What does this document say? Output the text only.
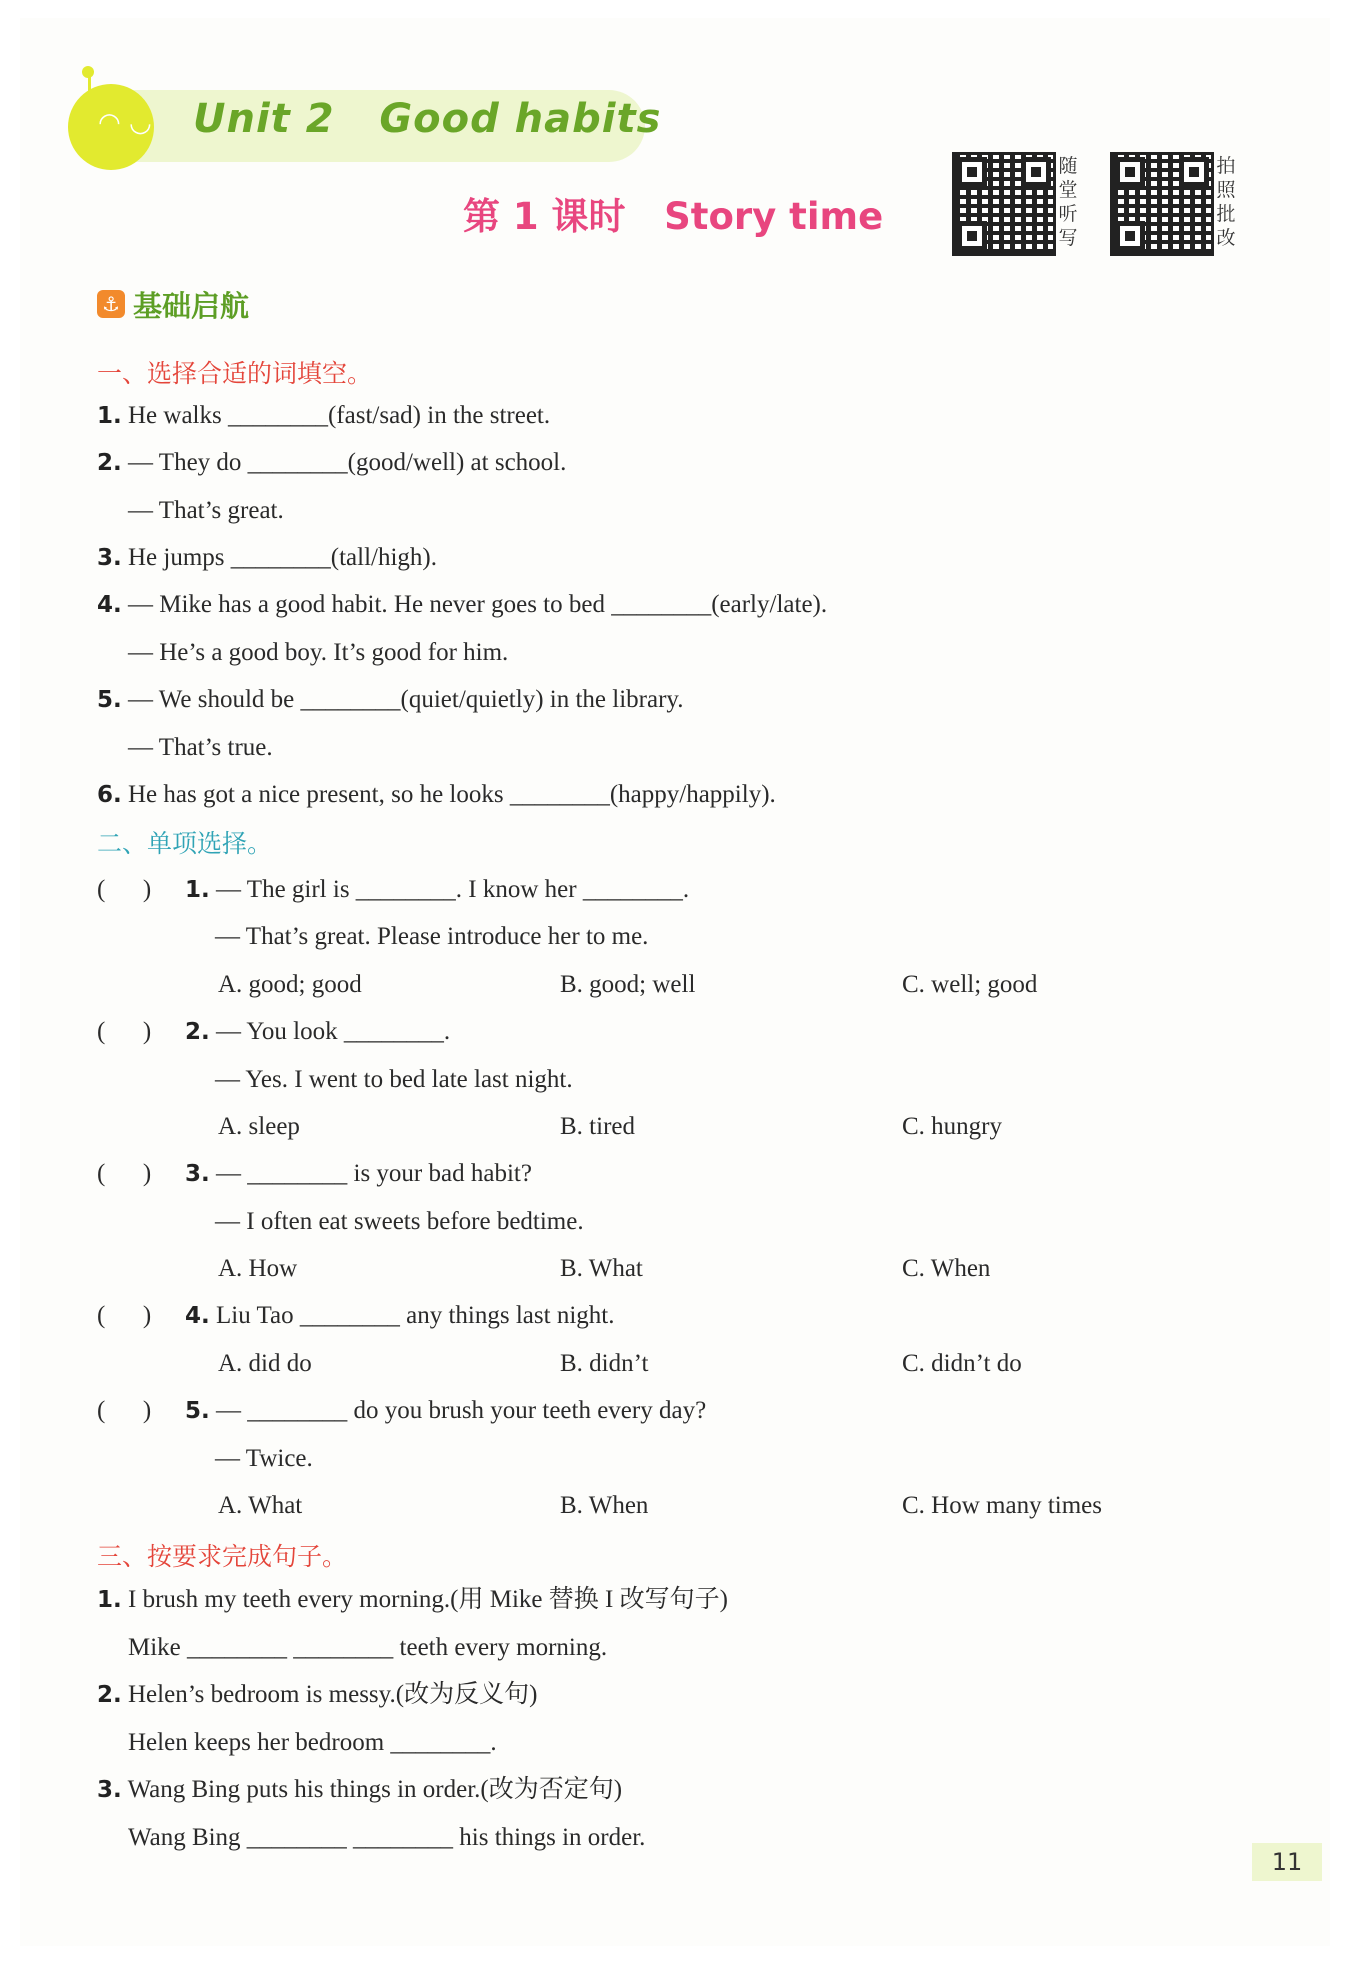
◠ ◡ Unit 2   Good habits
第 1 课时   Story time
随堂听写
拍照批改
⚓ 基础启航
一、选择合适的词填空。
1. He walks ________(fast/sad) in the street.
2. — They do ________(good/well) at school.
— That’s great.
3. He jumps ________(tall/high).
4. — Mike has a good habit. He never goes to bed ________(early/late).
— He’s a good boy. It’s good for him.
5. — We should be ________(quiet/quietly) in the library.
— That’s true.
6. He has got a nice present, so he looks ________(happy/happily).
二、单项选择。
(      ) 1. — The girl is ________. I know her ________.
— That’s great. Please introduce her to me.
A. good; good	B. good; well	C. well; good
(      ) 2. — You look ________.
— Yes. I went to bed late last night.
A. sleep	B. tired	C. hungry
(      ) 3. — ________ is your bad habit?
— I often eat sweets before bedtime.
A. How	B. What	C. When
(      ) 4. Liu Tao ________ any things last night.
A. did do	B. didn’t	C. didn’t do
(      ) 5. — ________ do you brush your teeth every day?
— Twice.
A. What	B. When	C. How many times
三、按要求完成句子。
1. I brush my teeth every morning.(用 Mike 替换 I 改写句子)
Mike ________ ________ teeth every morning.
2. Helen’s bedroom is messy.(改为反义句)
Helen keeps her bedroom ________.
3. Wang Bing puts his things in order.(改为否定句)
Wang Bing ________ ________ his things in order.
11
